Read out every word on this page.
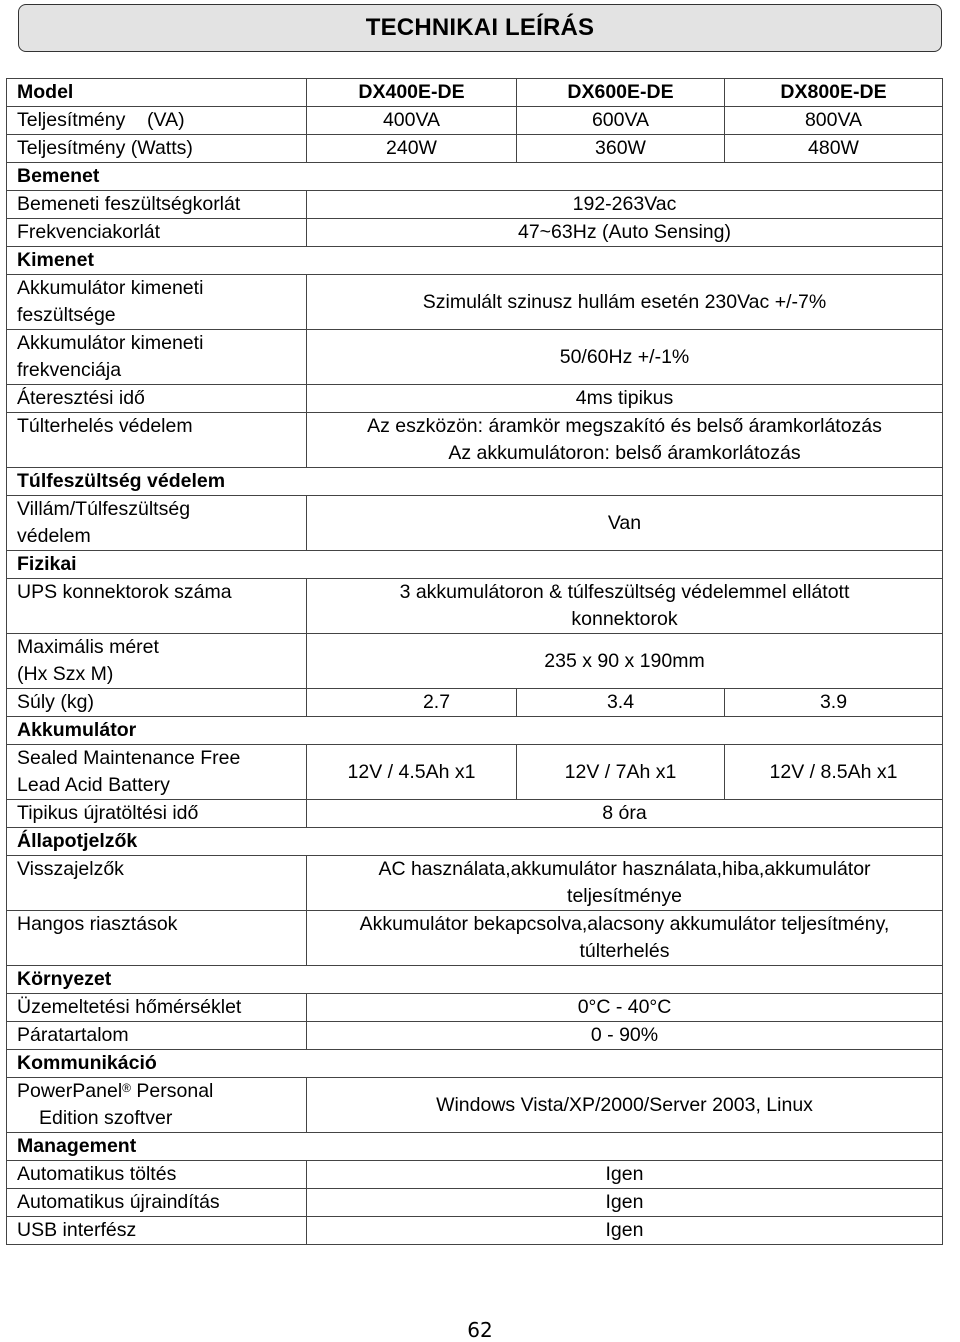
TECHNIKAI LEÍRÁS
Model	DX400E-DE	DX600E-DE	DX800E-DE
Teljesítmény    (VA)	400VA	600VA	800VA
Teljesítmény (Watts)	240W	360W	480W
Bemenet			
Bemeneti feszültségkorlát	192-263Vac		
Frekvenciakorlát	47~63Hz (Auto Sensing)		
Kimenet			

Akkumulátor kimeneti
feszültsége	Szimulált szinusz hullám esetén 230Vac +/-7%		

Akkumulátor kimeneti
frekvenciája	50/60Hz +/-1%		
Áteresztési idő	4ms tipikus		
Túlterhelés védelem	Az eszközön: áramkör megszakító és belső áramkorlátozás
Az akkumulátoron: belső áramkorlátozás		

Túlfeszültség védelem			

Villám/Túlfeszültség
védelem	Van		
Fizikai			
UPS konnektorok száma	3 akkumulátoron & túlfeszültség védelemmel ellátott
konnektorok		

Maximális méret
(Hx Szx M)	235 x 90 x 190mm		
Súly (kg)	2.7	3.4	3.9
Akkumulátor			

Sealed Maintenance Free
Lead Acid Battery	12V / 4.5Ah x1	12V / 7Ah x1	12V / 8.5Ah x1
Tipikus újratöltési idő	8 óra		
Állapotjelzők			
Visszajelzők	AC használata,akkumulátor használata,hiba,akkumulátor
teljesítménye		

Hangos riasztások	Akkumulátor bekapcsolva,alacsony akkumulátor teljesítmény,
túlterhelés		

Környezet			
Üzemeltetési hőmérséklet	0°C - 40°C		
Páratartalom	0 - 90%		
Kommunikáció			

PowerPanel® Personal
Edition szoftver	Windows Vista/XP/2000/Server 2003, Linux		
Management			
Automatikus töltés	Igen		
Automatikus újraindítás	Igen		
USB interfész	Igen		
62
